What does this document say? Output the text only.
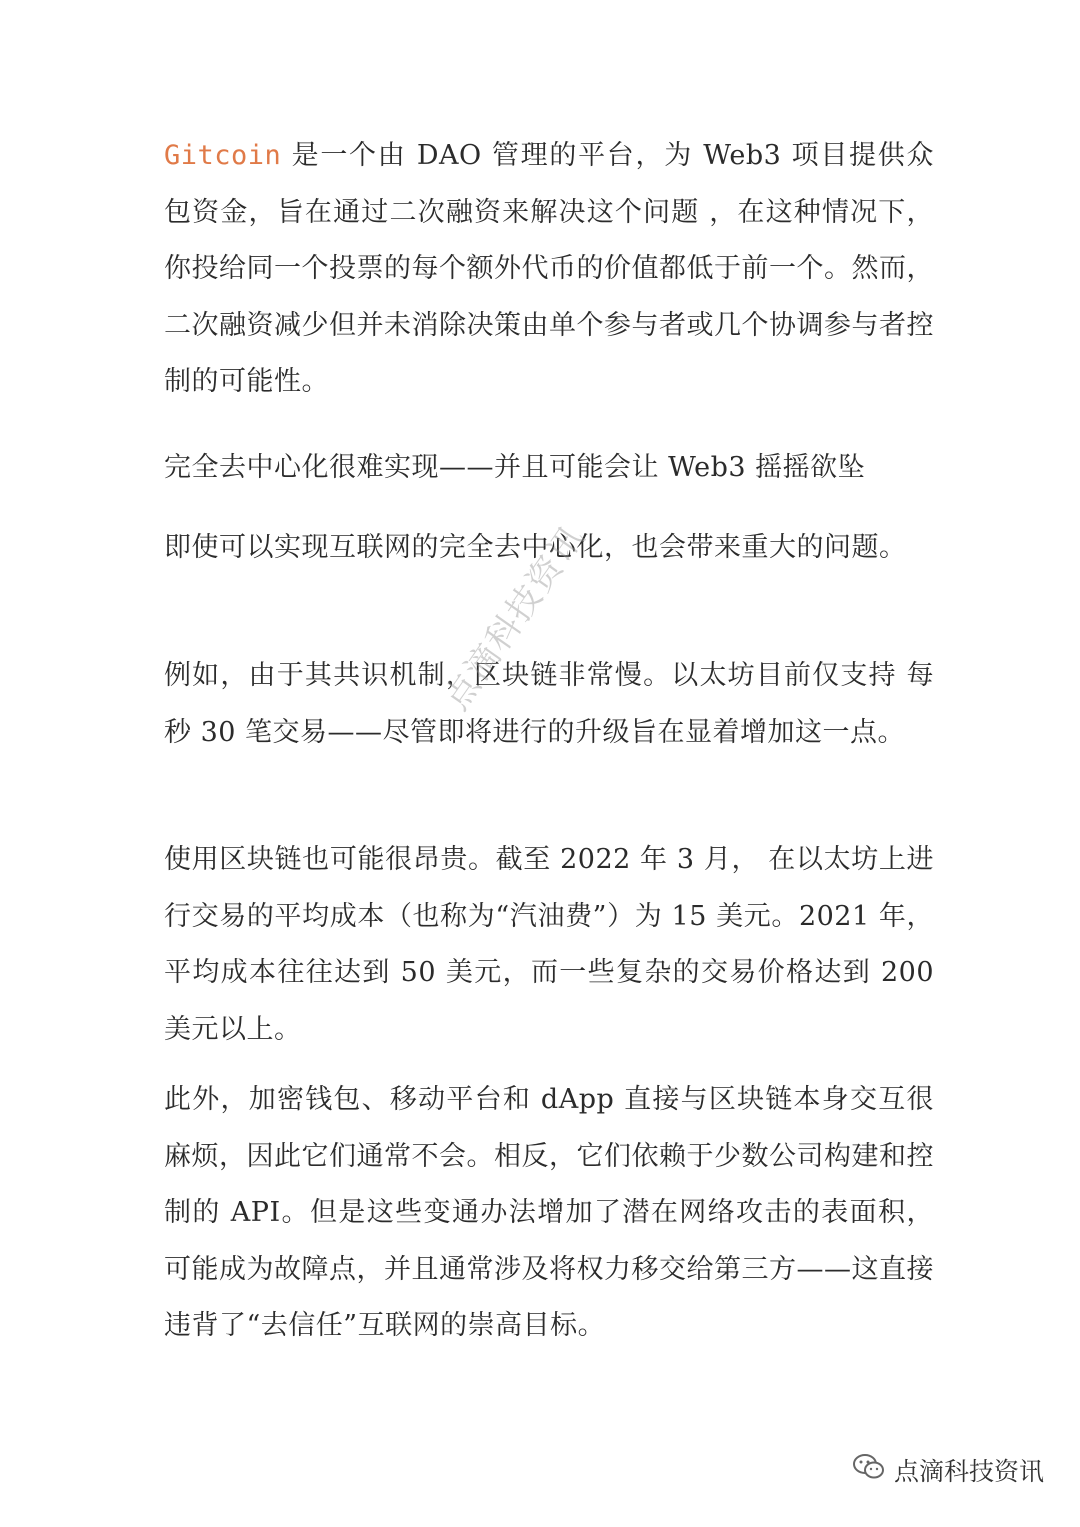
Gitcoin 是一个由 DAO 管理的平台，为 Web3 项目提供众包资金，旨在通过二次融资来解决这个问题 ，在这种情况下，你投给同一个投票的每个额外代币的价值都低于前一个。然而，二次融资减少但并未消除决策由单个参与者或几个协调参与者控制的可能性。

完全去中心化很难实现——并且可能会让 Web3 摇摇欲坠

即使可以实现互联网的完全去中心化，也会带来重大的问题。

例如，由于其共识机制，区块链非常慢。以太坊目前仅支持 每秒 30 笔交易——尽管即将进行的升级旨在显着增加这一点。

使用区块链也可能很昂贵。截至 2022 年 3 月， 在以太坊上进行交易的平均成本（也称为“汽油费”）为 15 美元。2021 年，平均成本往往达到 50 美元，而一些复杂的交易价格达到 200 美元以上。

此外，加密钱包、移动平台和 dApp 直接与区块链本身交互很麻烦，因此它们通常不会。相反，它们依赖于少数公司构建和控制的 API。但是这些变通办法增加了潜在网络攻击的表面积，可能成为故障点，并且通常涉及将权力移交给第三方——这直接违背了“去信任”互联网的崇高目标。

点滴科技资讯
点滴科技资讯
